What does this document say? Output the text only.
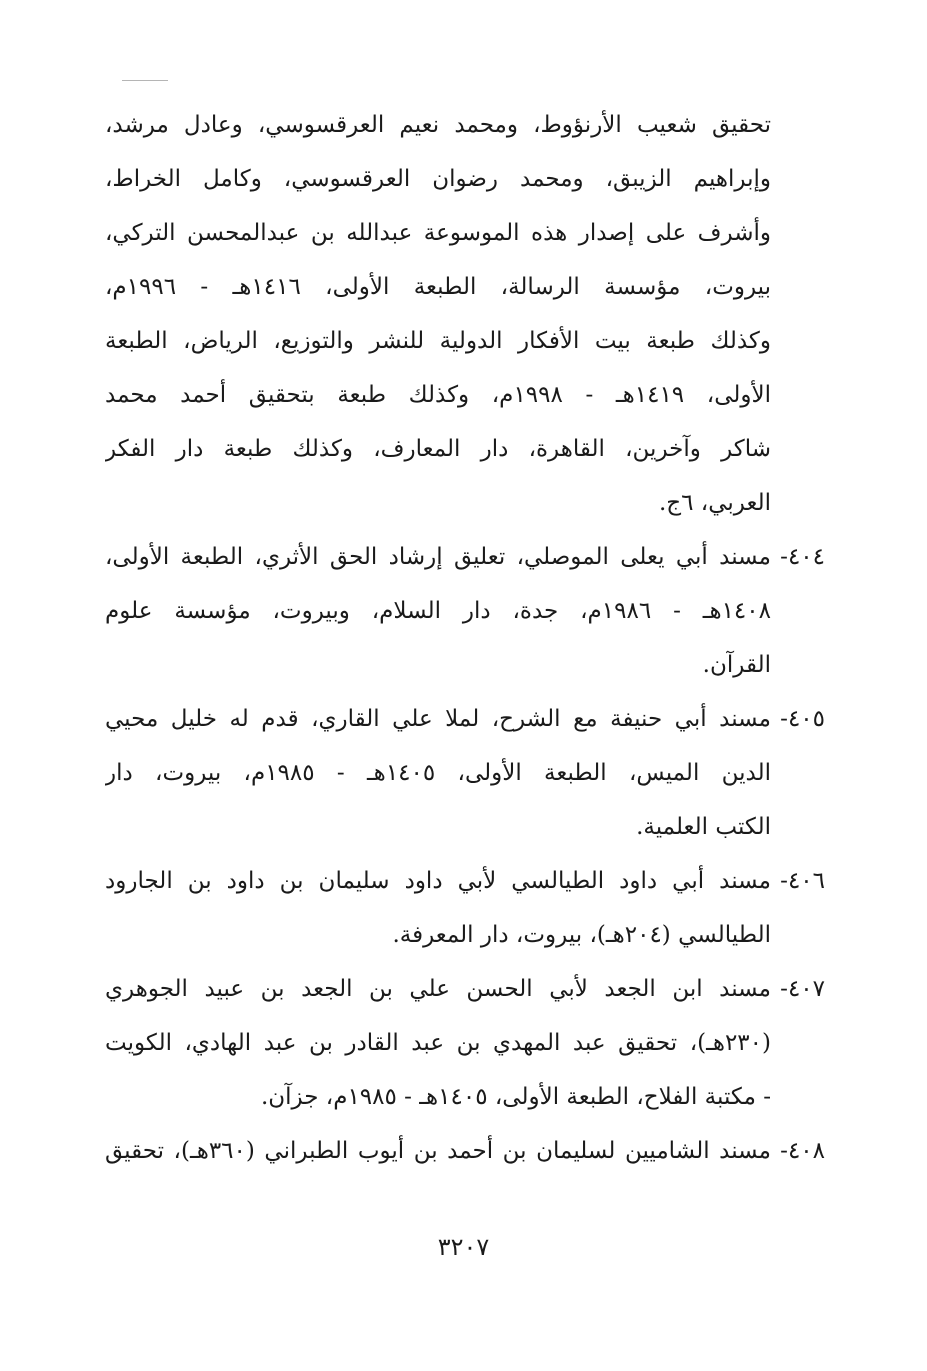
تحقيق شعيب الأرنؤوط، ومحمد نعيم العرقسوسي، وعادل مرشد،
وإبراهيم الزيبق، ومحمد رضوان العرقسوسي، وكامل الخراط،
وأشرف على إصدار هذه الموسوعة عبدالله بن عبدالمحسن التركي،
بيروت، مؤسسة الرسالة، الطبعة الأولى، ١٤١٦هـ - ١٩٩٦م،
وكذلك طبعة بيت الأفكار الدولية للنشر والتوزيع، الرياض، الطبعة
الأولى، ١٤١٩هـ - ١٩٩٨م، وكذلك طبعة بتحقيق أحمد محمد
شاكر وآخرين، القاهرة، دار المعارف، وكذلك طبعة دار الفكر
العربي، ٦ج.
٤٠٤-مسند أبي يعلى الموصلي، تعليق إرشاد الحق الأثري، الطبعة الأولى،
١٤٠٨هـ - ١٩٨٦م، جدة، دار السلام، وبيروت، مؤسسة علوم
القرآن.
٤٠٥-مسند أبي حنيفة مع الشرح، لملا علي القاري، قدم له خليل محيي
الدين الميس، الطبعة الأولى، ١٤٠٥هـ - ١٩٨٥م، بيروت، دار
الكتب العلمية.
٤٠٦-مسند أبي داود الطيالسي لأبي داود سليمان بن داود بن الجارود
الطيالسي (٢٠٤هـ)، بيروت، دار المعرفة.
٤٠٧-مسند ابن الجعد لأبي الحسن علي بن الجعد بن عبيد الجوهري
(٢٣٠هـ)، تحقيق عبد المهدي بن عبد القادر بن عبد الهادي، الكويت
- مكتبة الفلاح، الطبعة الأولى، ١٤٠٥هـ - ١٩٨٥م، جزآن.
٤٠٨-مسند الشاميين لسليمان بن أحمد بن أيوب الطبراني (٣٦٠هـ)، تحقيق
٣٢٠٧
